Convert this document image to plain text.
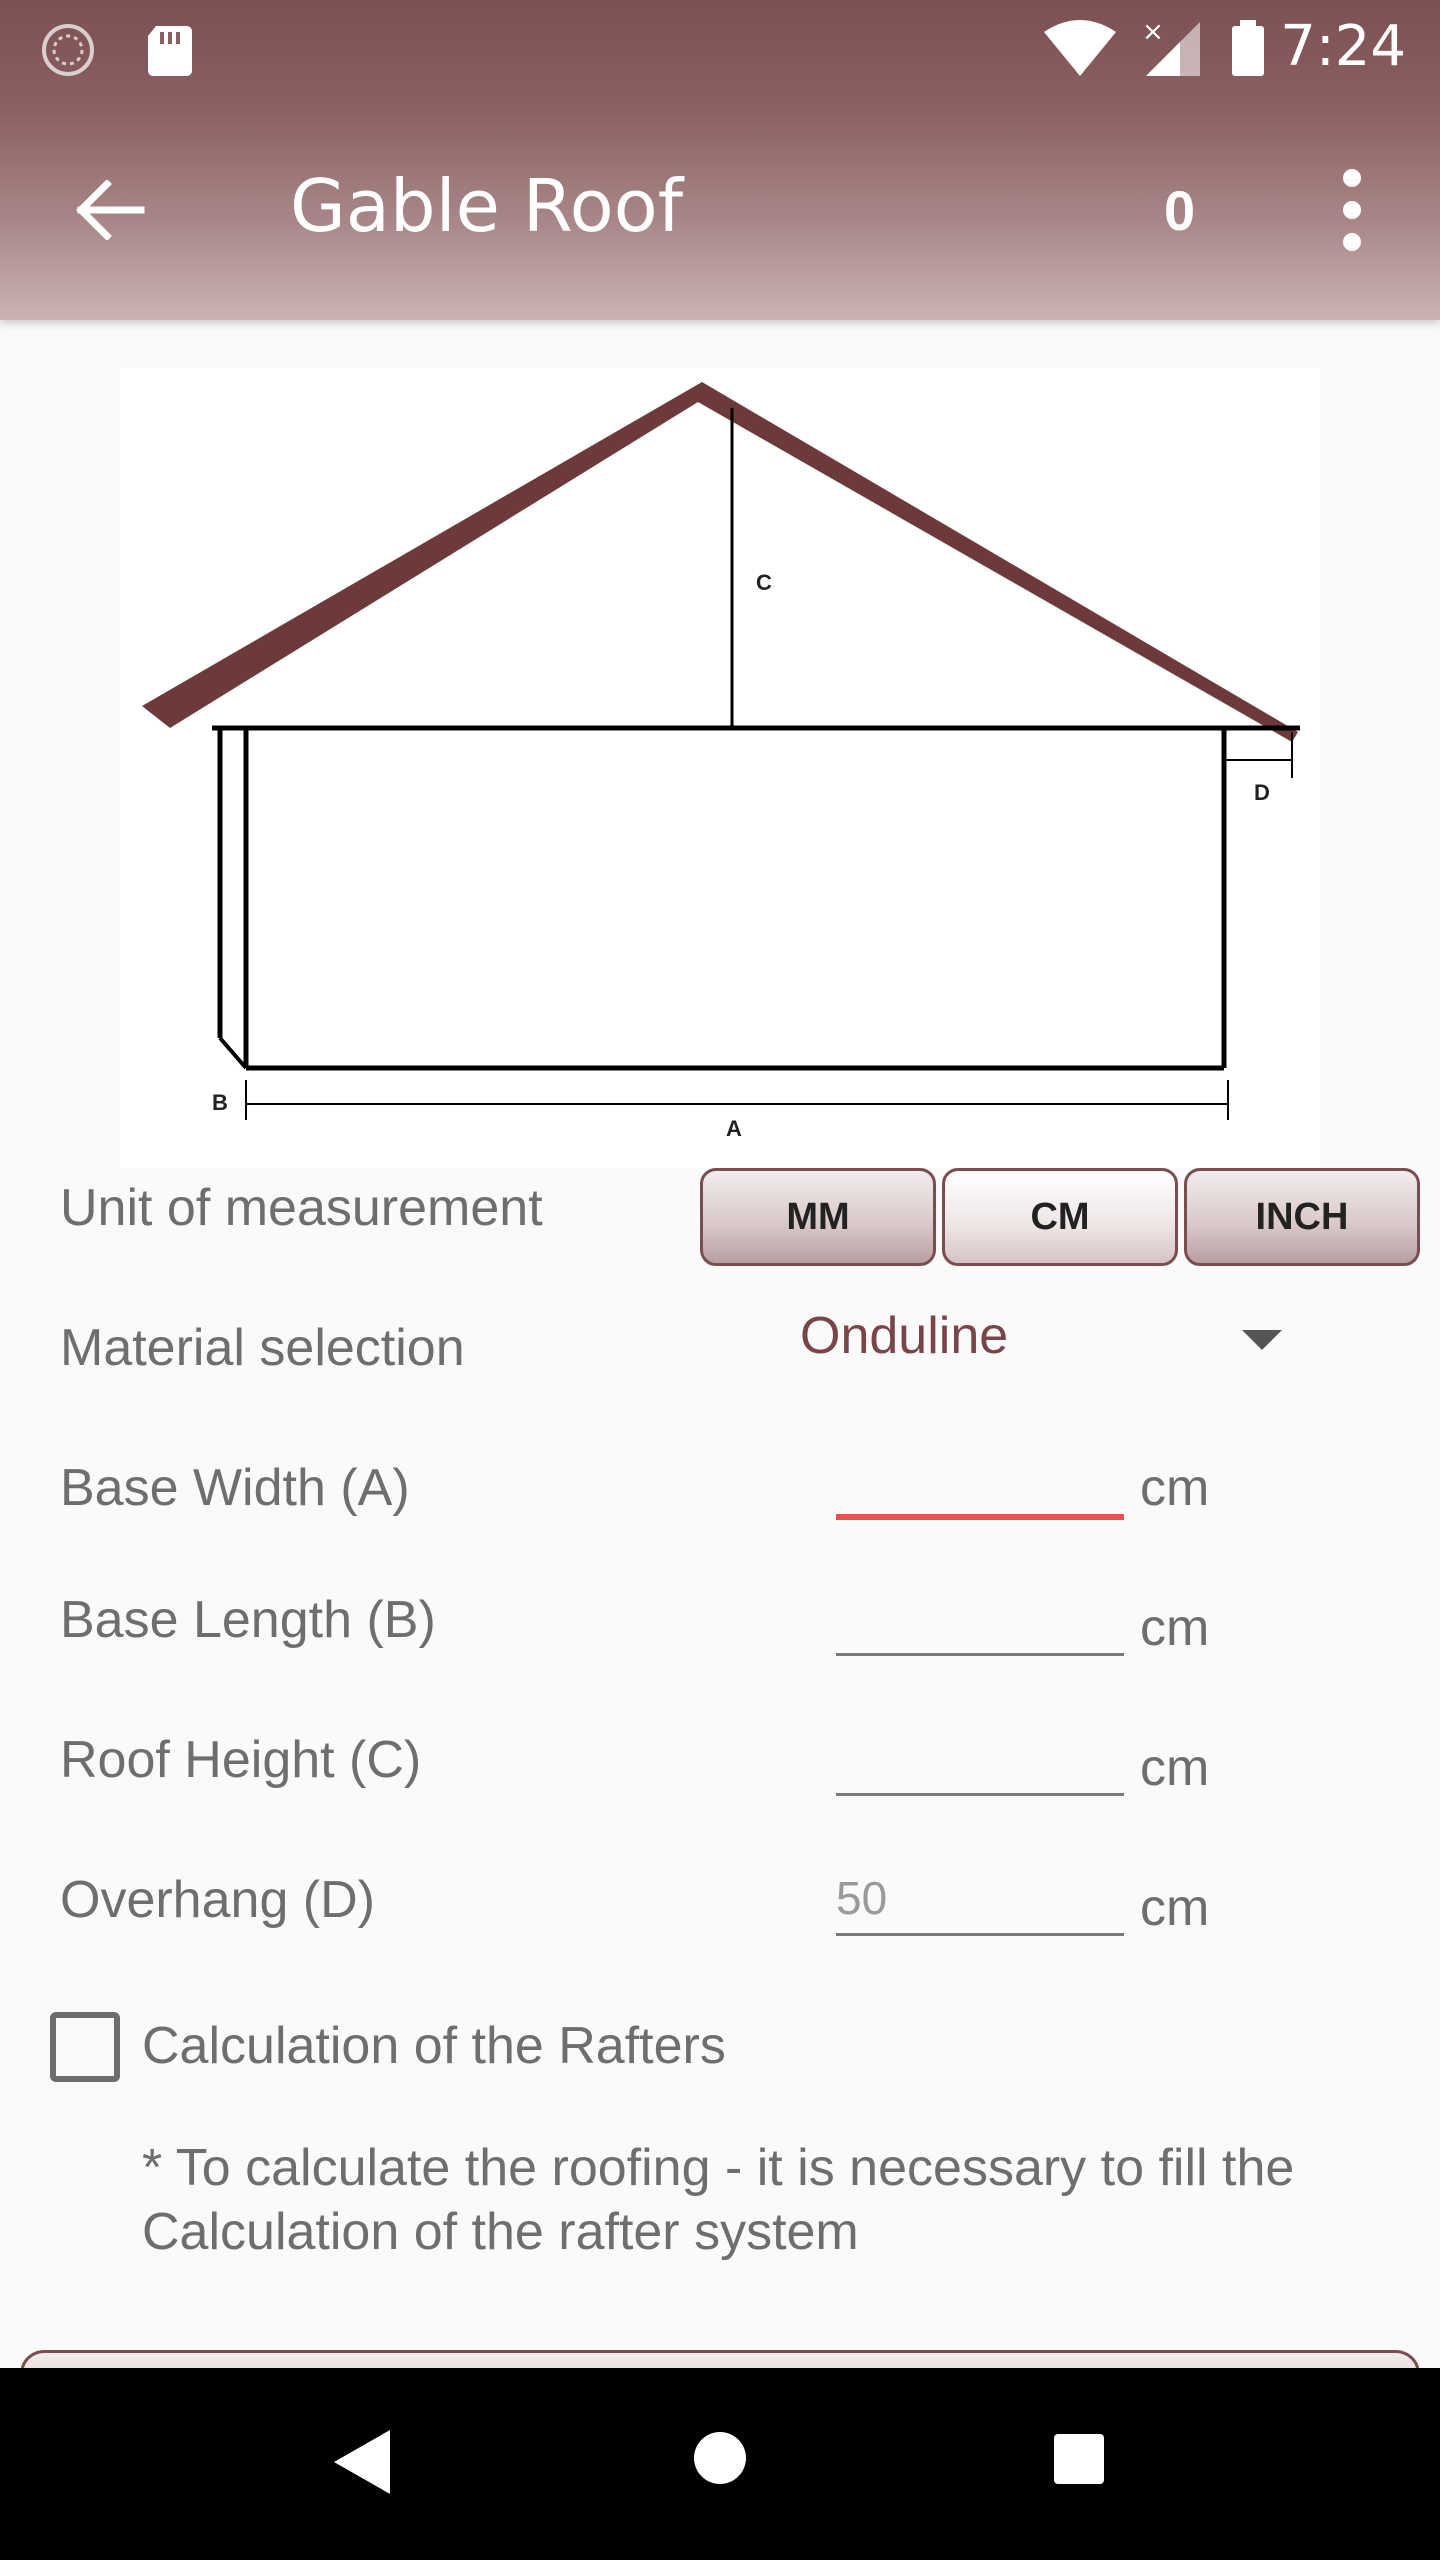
× 7:24
Gable Roof	0
C
D
B
A
Unit of measurement	MM	CM	INCH
Material selection	Onduline
Base Width (A)	cm
Base Length (B)	cm
Roof Height (C)	cm
Overhang (D)	50	cm
Calculation of the Rafters
* To calculate the roofing - it is necessary to fill the Calculation of the rafter system
